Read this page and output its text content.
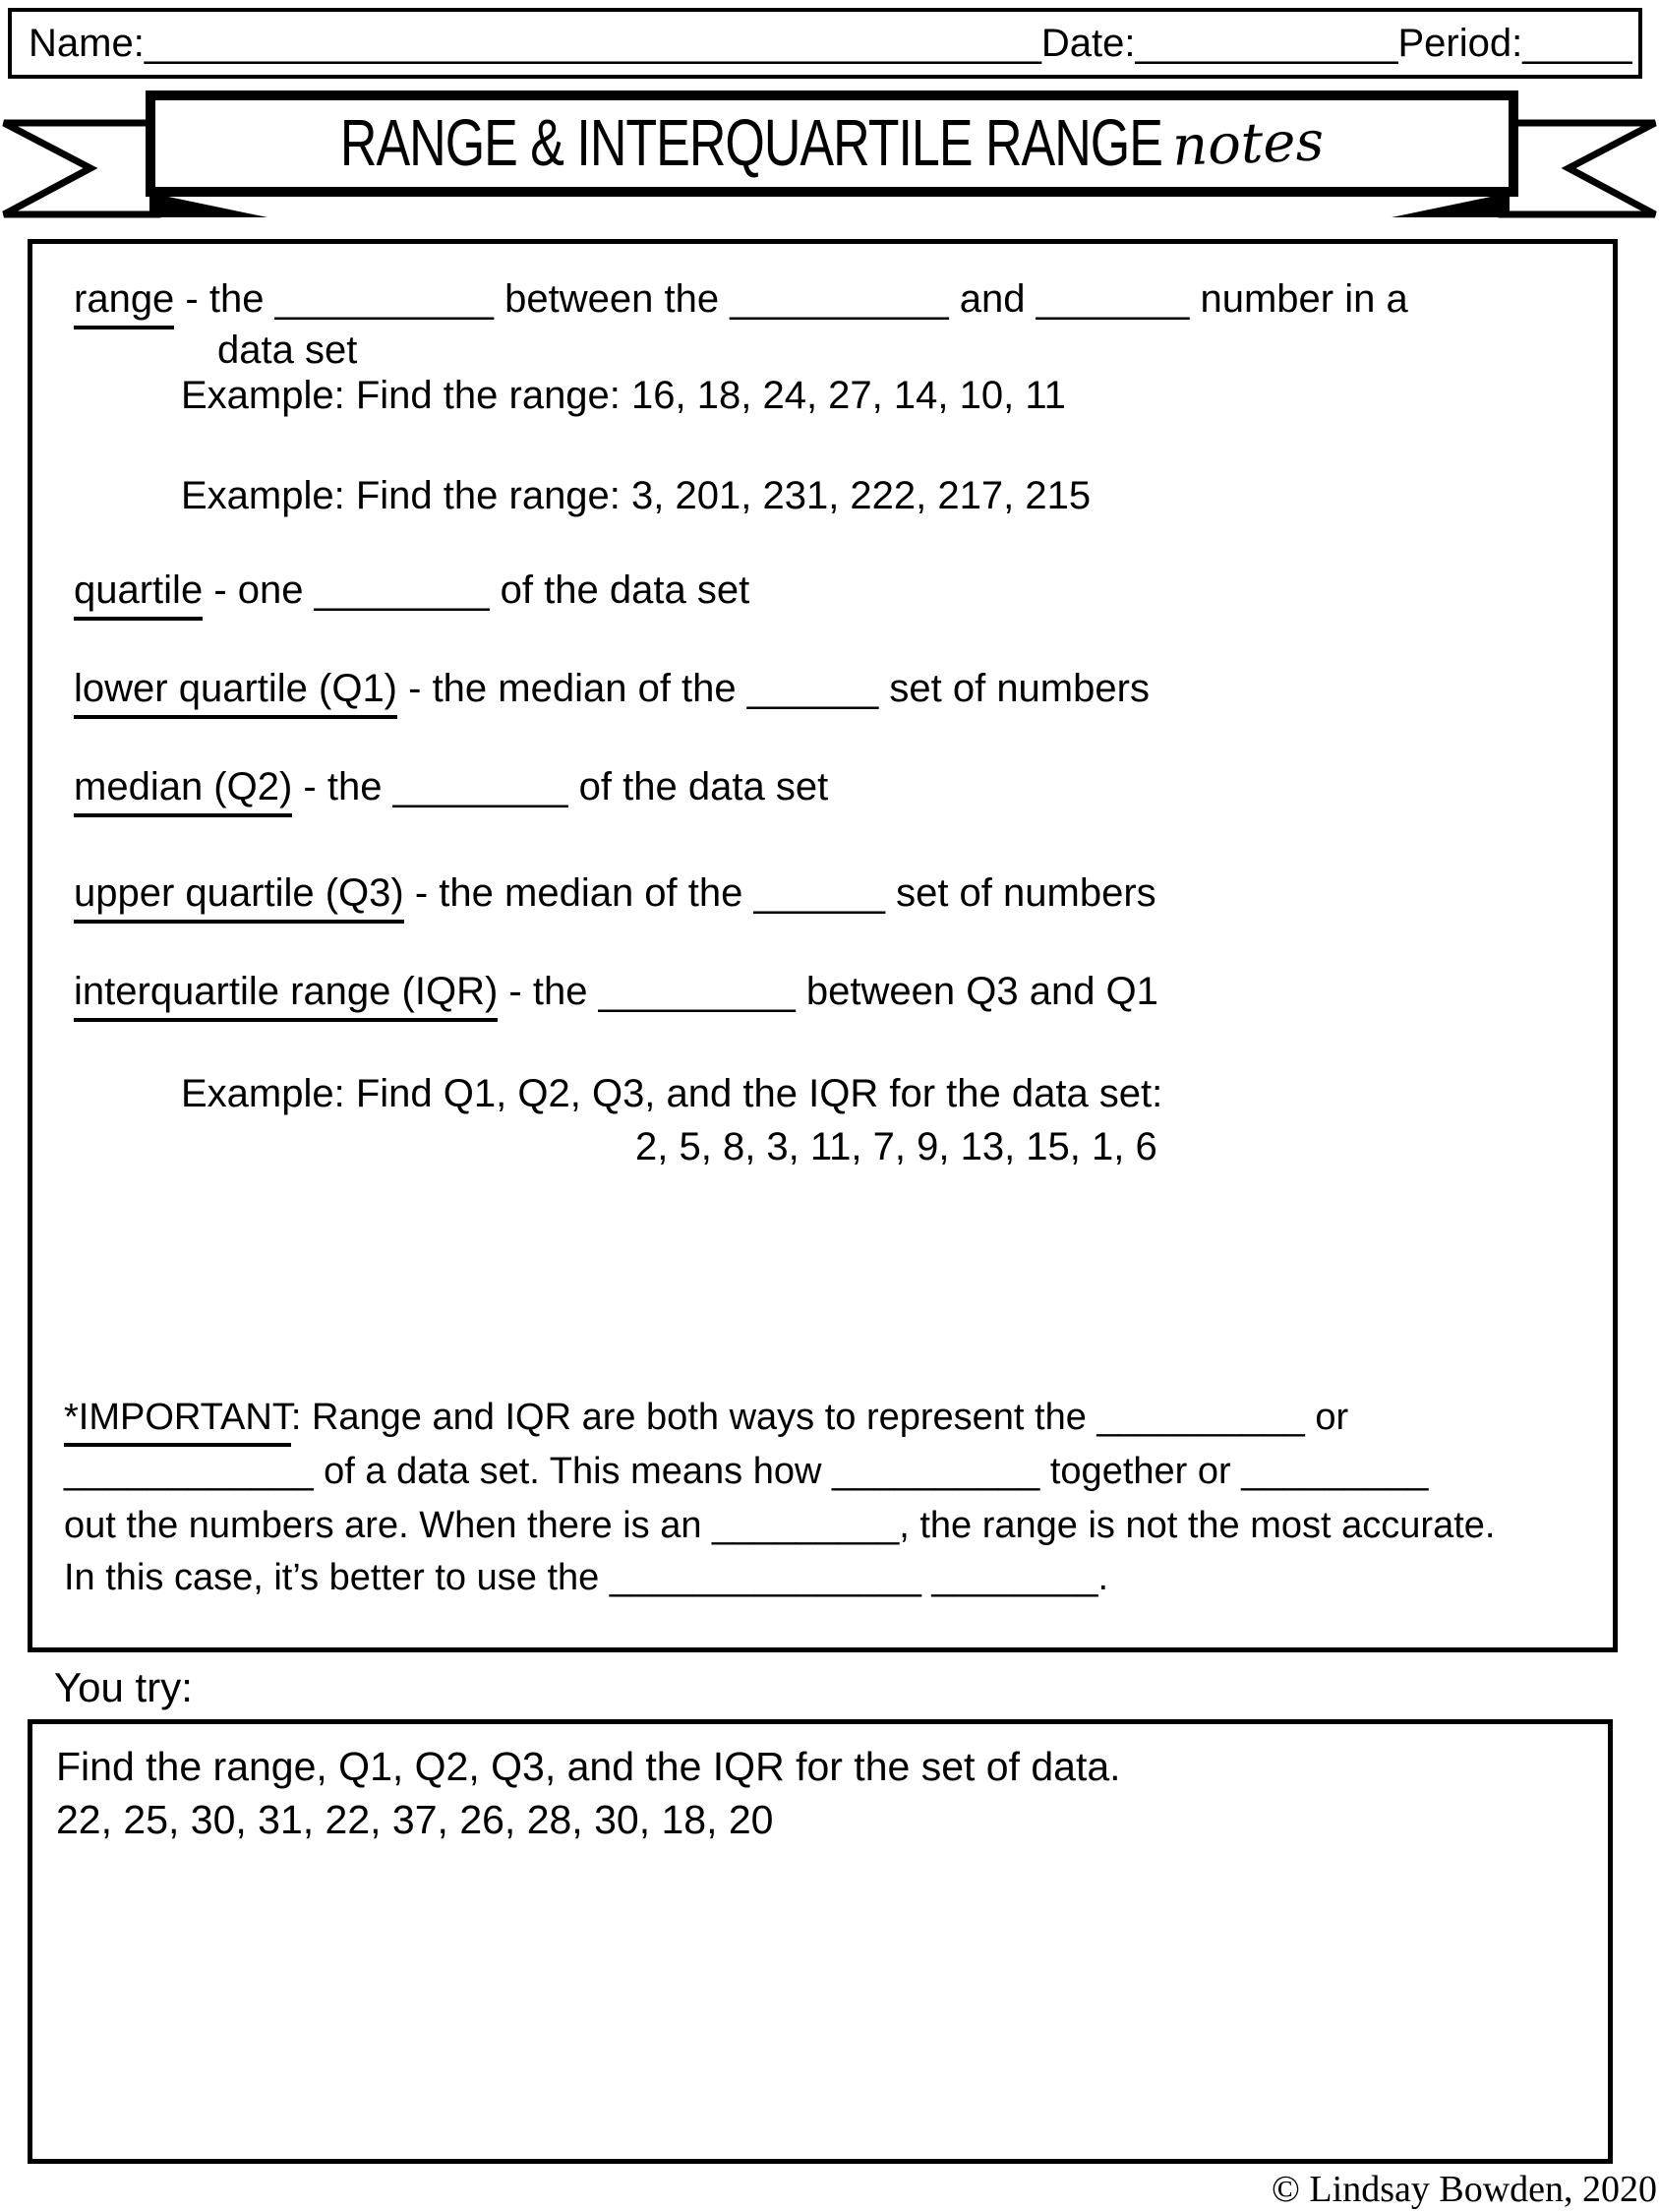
Name: _________________________________________ Date: ____________ Period: _____
RANGE & INTERQUARTILE RANGE notes
range - the __________ between the __________ and _______ number in a
data set
Example: Find the range: 16, 18, 24, 27, 14, 10, 11
Example: Find the range: 3, 201, 231, 222, 217, 215
quartile - one ________ of the data set
lower quartile (Q1) - the median of the ______ set of numbers
median (Q2) - the ________ of the data set
upper quartile (Q3) - the median of the ______ set of numbers
interquartile range (IQR) - the _________ between Q3 and Q1
Example: Find Q1, Q2, Q3, and the IQR for the data set:
2, 5, 8, 3, 11, 7, 9, 13, 15, 1, 6
*IMPORTANT: Range and IQR are both ways to represent the __________ or
____________ of a data set. This means how __________ together or _________
out the numbers are. When there is an _________, the range is not the most accurate.
In this case, it’s better to use the _______________ ________.
You try:
Find the range, Q1, Q2, Q3, and the IQR for the set of data.
22, 25, 30, 31, 22, 37, 26, 28, 30, 18, 20
© Lindsay Bowden, 2020
